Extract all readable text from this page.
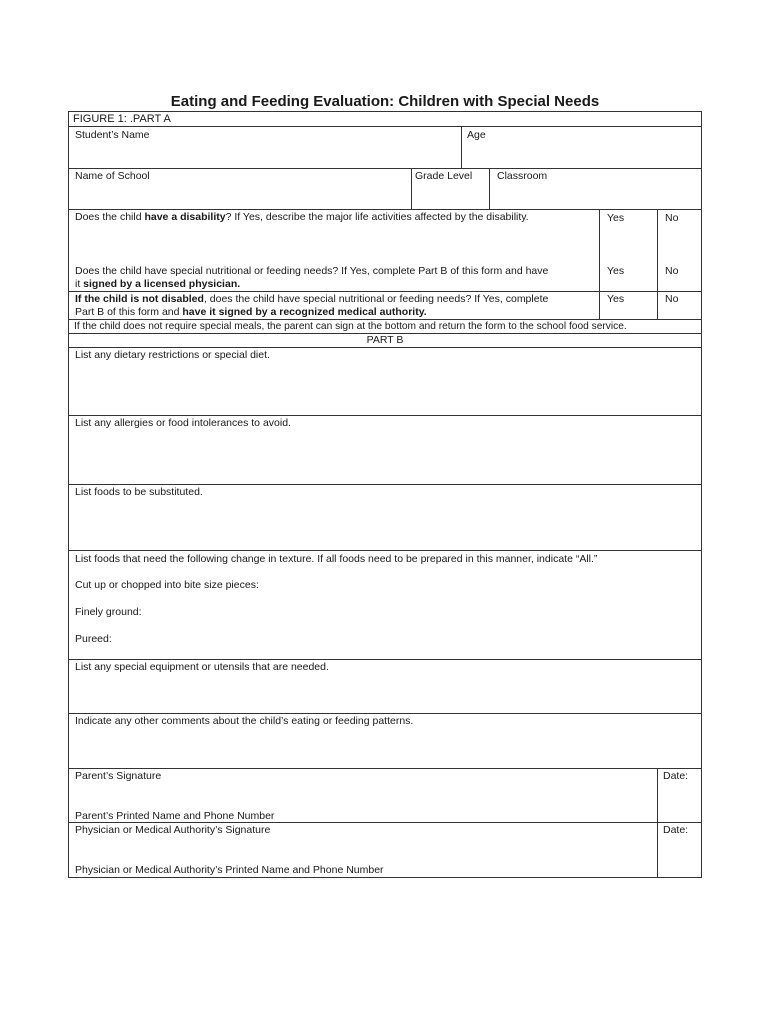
Eating and Feeding Evaluation: Children with Special Needs
FIGURE 1: .PART A
Student’s Name	Age
Name of School	Grade Level Classroom
Does the child have a disability? If Yes, describe the major life activities affected by the disability.	Yes	No
Does the child have special nutritional or feeding needs? If Yes, complete Part B of this form and have
it signed by a licensed physician.
Yes	No
If the child is not disabled, does the child have special nutritional or feeding needs? If Yes, complete
Part B of this form and have it signed by a recognized medical authority.
Yes	No
If the child does not require special meals, the parent can sign at the bottom and return the form to the school food service.
PART B
List any dietary restrictions or special diet.
List any allergies or food intolerances to avoid.
List foods to be substituted.
List foods that need the following change in texture. If all foods need to be prepared in this manner, indicate “All.”
Cut up or chopped into bite size pieces:
Finely ground:
Pureed:
List any special equipment or utensils that are needed.
Indicate any other comments about the child’s eating or feeding patterns.
Parent’s Signature	Date:
Parent’s Printed Name and Phone Number
Physician or Medical Authority’s Signature	Date:
Physician or Medical Authority’s Printed Name and Phone Number
